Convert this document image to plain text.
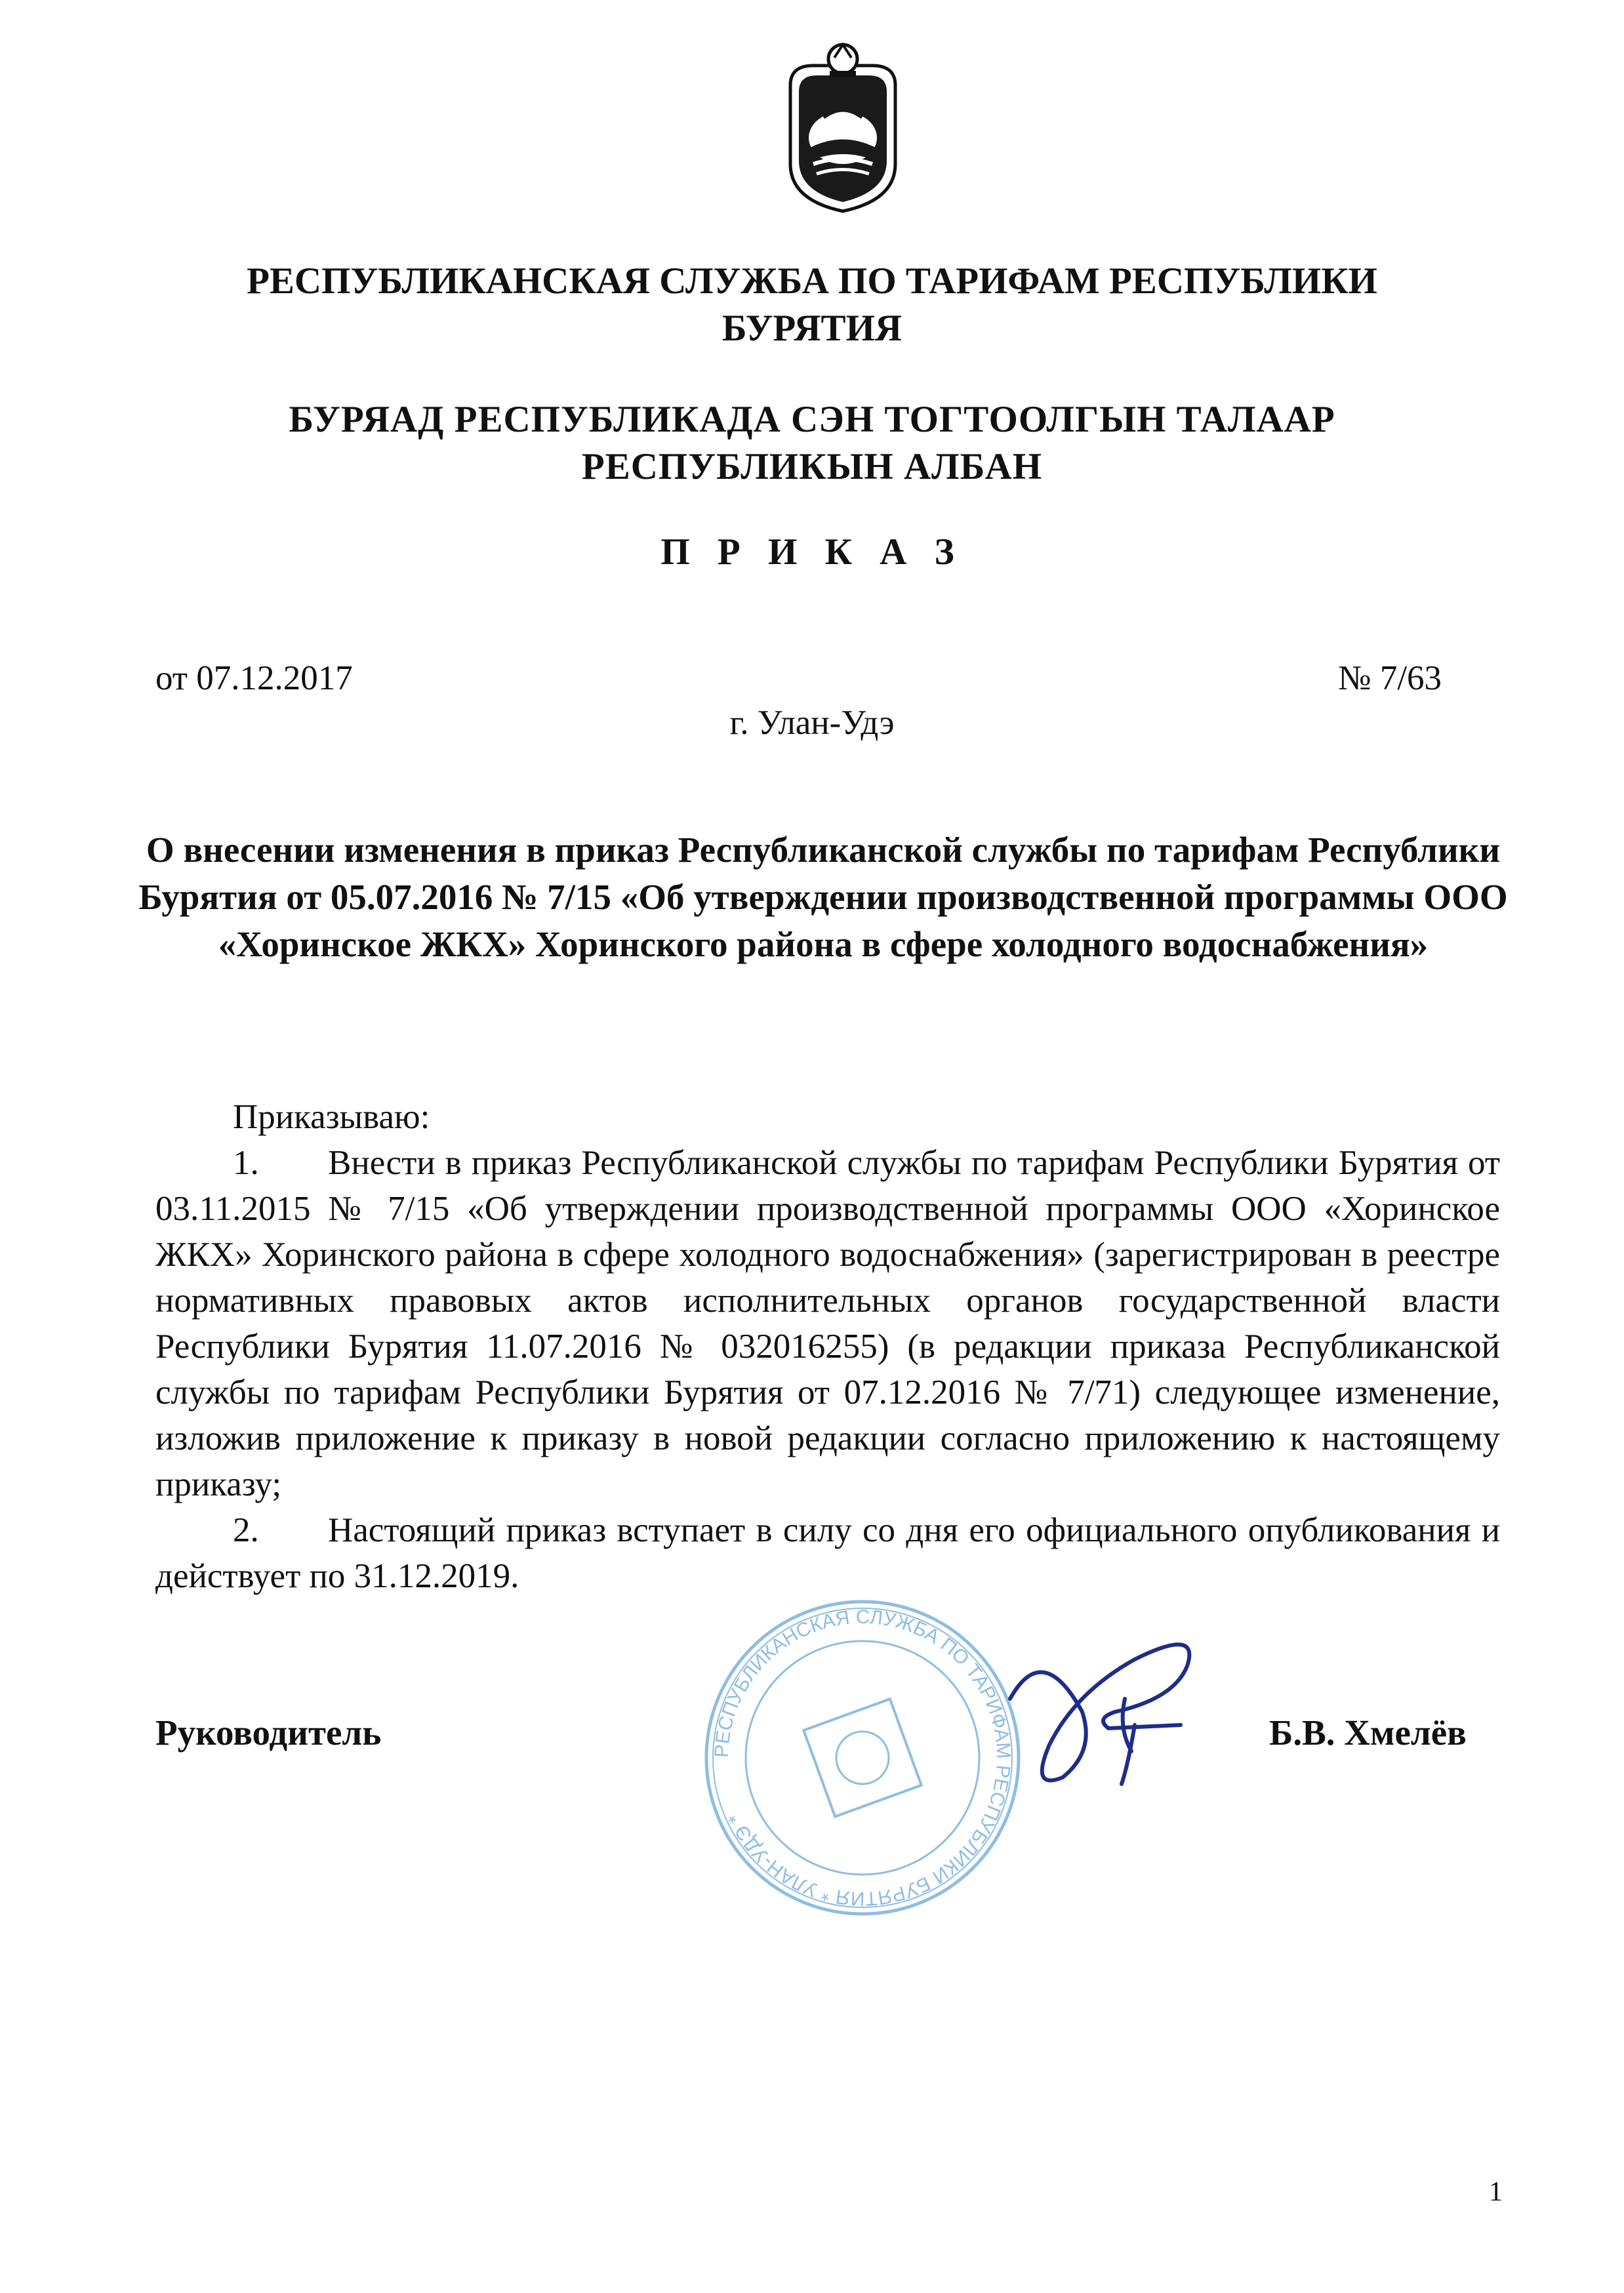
РЕСПУБЛИКАНСКАЯ СЛУЖБА ПО ТАРИФАМ РЕСПУБЛИКИ БУРЯТИЯ
БУРЯАД РЕСПУБЛИКАДА СЭН ТОГТООЛГЫН ТАЛААР РЕСПУБЛИКЫН АЛБАН
П Р И К А З
от 07.12.2017	№ 7/63
г. Улан-Удэ
О внесении изменения в приказ Республиканской службы по тарифам Республики Бурятия от 05.07.2016 № 7/15 «Об утверждении производственной программы ООО «Хоринское ЖКХ» Хоринского района в сфере холодного водоснабжения»

Приказываю:

1. Внести в приказ Республиканской службы по тарифам Республики Бурятия от 03.11.2015 № 7/15 «Об утверждении производственной программы ООО «Хоринское ЖКХ» Хоринского района в сфере холодного водоснабжения» (зарегистрирован в реестре нормативных правовых актов исполнительных органов государственной власти Республики Бурятия 11.07.2016 № 032016255) (в редакции приказа Республиканской службы по тарифам Республики Бурятия от 07.12.2016 № 7/71) следующее изменение, изложив приложение к приказу в новой редакции согласно приложению к настоящему приказу;

2. Настоящий приказ вступает в силу со дня его официального опубликования и действует по 31.12.2019.

РЕСПУБЛИКАНСКАЯ СЛУЖБА ПО ТАРИФАМ РЕСПУБЛИКИ БУРЯТИЯ * УЛАН-УДЭ *
Руководитель	Б.В. Хмелёв
1
